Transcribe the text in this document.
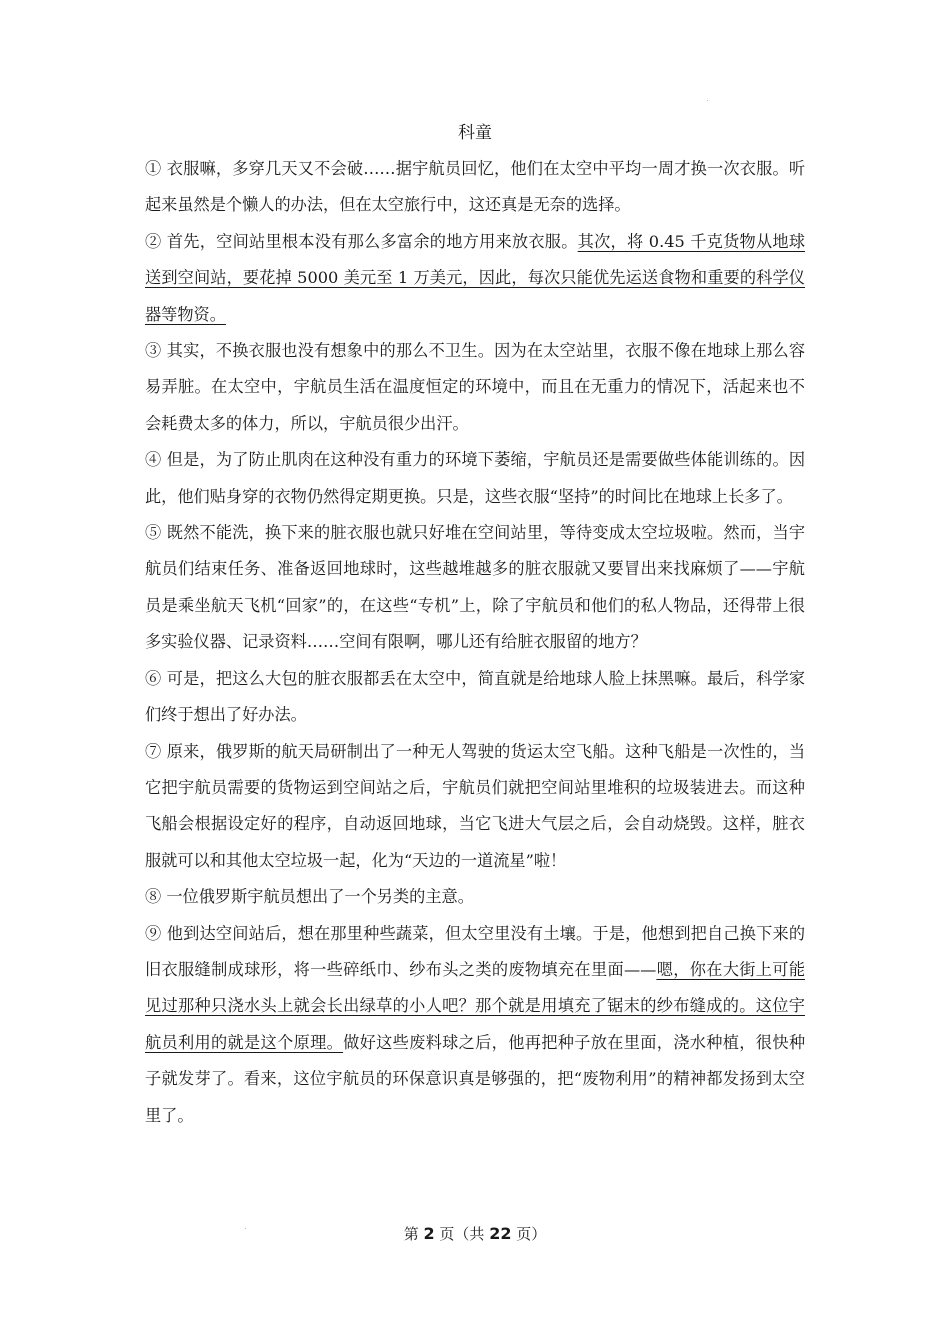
科童

① 衣服嘛，多穿几天又不会破……据宇航员回忆，他们在太空中平均一周才换一次衣服。听起来虽然是个懒人的办法，但在太空旅行中，这还真是无奈的选择。

② 首先，空间站里根本没有那么多富余的地方用来放衣服。其次，将 0.45 千克货物从地球送到空间站，要花掉 5000 美元至 1 万美元，因此，每次只能优先运送食物和重要的科学仪器等物资。

③ 其实，不换衣服也没有想象中的那么不卫生。因为在太空站里，衣服不像在地球上那么容易弄脏。在太空中，宇航员生活在温度恒定的环境中，而且在无重力的情况下，活起来也不会耗费太多的体力，所以，宇航员很少出汗。

④ 但是，为了防止肌肉在这种没有重力的环境下萎缩，宇航员还是需要做些体能训练的。因此，他们贴身穿的衣物仍然得定期更换。只是，这些衣服“坚持”的时间比在地球上长多了。

⑤ 既然不能洗，换下来的脏衣服也就只好堆在空间站里，等待变成太空垃圾啦。然而，当宇航员们结束任务、准备返回地球时，这些越堆越多的脏衣服就又要冒出来找麻烦了——宇航员是乘坐航天飞机“回家”的，在这些“专机”上，除了宇航员和他们的私人物品，还得带上很多实验仪器、记录资料……空间有限啊，哪儿还有给脏衣服留的地方？

⑥ 可是，把这么大包的脏衣服都丢在太空中，简直就是给地球人脸上抹黑嘛。最后，科学家们终于想出了好办法。

⑦ 原来，俄罗斯的航天局研制出了一种无人驾驶的货运太空飞船。这种飞船是一次性的，当它把宇航员需要的货物运到空间站之后，宇航员们就把空间站里堆积的垃圾装进去。而这种飞船会根据设定好的程序，自动返回地球，当它飞进大气层之后，会自动烧毁。这样，脏衣服就可以和其他太空垃圾一起，化为“天边的一道流星”啦！

⑧ 一位俄罗斯宇航员想出了一个另类的主意。

⑨ 他到达空间站后，想在那里种些蔬菜，但太空里没有土壤。于是，他想到把自己换下来的旧衣服缝制成球形，将一些碎纸巾、纱布头之类的废物填充在里面——嗯，你在大街上可能见过那种只浇水头上就会长出绿草的小人吧？那个就是用填充了锯末的纱布缝成的。这位宇航员利用的就是这个原理。做好这些废料球之后，他再把种子放在里面，浇水种植，很快种子就发芽了。看来，这位宇航员的环保意识真是够强的，把“废物利用”的精神都发扬到太空里了。

第 2 页（共 22 页）
